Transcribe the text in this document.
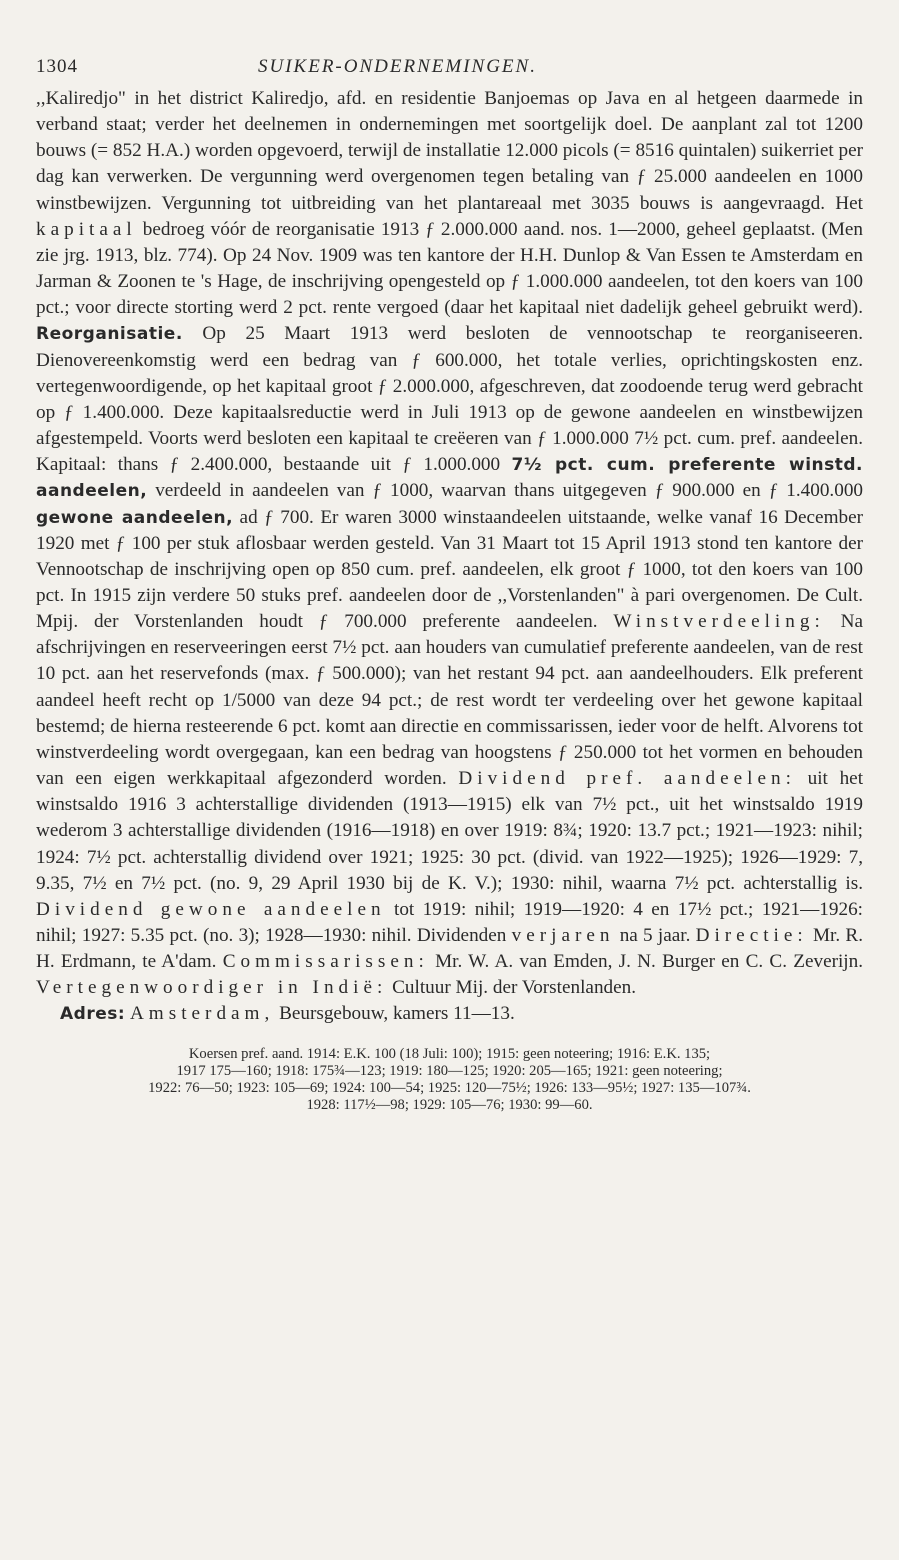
1304	SUIKER-ONDERNEMINGEN.
,,Kaliredjo" in het district Kaliredjo, afd. en residentie Banjoemas op Java en al hetgeen daarmede in verband staat; verder het deelnemen in ondernemingen met soortgelijk doel. De aanplant zal tot 1200 bouws (= 852 H.A.) worden opgevoerd, terwijl de installatie 12.000 picols (= 8516 quintalen) suikerriet per dag kan verwerken. De vergunning werd overgenomen tegen betaling van ƒ 25.000 aandeelen en 1000 winstbewijzen. Vergunning tot uitbreiding van het plantareaal met 3035 bouws is aangevraagd. Het kapitaal bedroeg vóór de reorganisatie 1913 ƒ 2.000.000 aand. nos. 1—2000, geheel geplaatst. (Men zie jrg. 1913, blz. 774). Op 24 Nov. 1909 was ten kantore der H.H. Dunlop & Van Essen te Amsterdam en Jarman & Zoonen te 's Hage, de inschrijving opengesteld op ƒ 1.000.000 aandeelen, tot den koers van 100 pct.; voor directe storting werd 2 pct. rente vergoed (daar het kapitaal niet dadelijk geheel gebruikt werd). Reorganisatie. Op 25 Maart 1913 werd besloten de vennootschap te reorganiseeren. Dienovereenkomstig werd een bedrag van ƒ 600.000, het totale verlies, oprichtingskosten enz. vertegenwoordigende, op het kapitaal groot ƒ 2.000.000, afgeschreven, dat zoodoende terug werd gebracht op ƒ 1.400.000. Deze kapitaalsreductie werd in Juli 1913 op de gewone aandeelen en winstbewijzen afgestempeld. Voorts werd besloten een kapitaal te creëeren van ƒ 1.000.000 7½ pct. cum. pref. aandeelen. Kapitaal: thans ƒ 2.400.000, bestaande uit ƒ 1.000.000 7½ pct. cum. preferente winstd. aandeelen, verdeeld in aandeelen van ƒ 1000, waarvan thans uitgegeven ƒ 900.000 en ƒ 1.400.000 gewone aandeelen, ad ƒ 700. Er waren 3000 winstaandeelen uitstaande, welke vanaf 16 December 1920 met ƒ 100 per stuk aflosbaar werden gesteld. Van 31 Maart tot 15 April 1913 stond ten kantore der Vennootschap de inschrijving open op 850 cum. pref. aandeelen, elk groot ƒ 1000, tot den koers van 100 pct. In 1915 zijn verdere 50 stuks pref. aandeelen door de ,,Vorstenlanden" à pari overgenomen. De Cult. Mpij. der Vorstenlanden houdt ƒ 700.000 preferente aandeelen. Winstverdeeling: Na afschrijvingen en reserveeringen eerst 7½ pct. aan houders van cumulatief preferente aandeelen, van de rest 10 pct. aan het reservefonds (max. ƒ 500.000); van het restant 94 pct. aan aandeelhouders. Elk preferent aandeel heeft recht op 1/5000 van deze 94 pct.; de rest wordt ter verdeeling over het gewone kapitaal bestemd; de hierna resteerende 6 pct. komt aan directie en commissarissen, ieder voor de helft. Alvorens tot winstverdeeling wordt overgegaan, kan een bedrag van hoogstens ƒ 250.000 tot het vormen en behouden van een eigen werkkapitaal afgezonderd worden. Dividend pref. aandeelen: uit het winstsaldo 1916 3 achterstallige dividenden (1913—1915) elk van 7½ pct., uit het winstsaldo 1919 wederom 3 achterstallige dividenden (1916—1918) en over 1919: 8¾; 1920: 13.7 pct.; 1921—1923: nihil; 1924: 7½ pct. achterstallig dividend over 1921; 1925: 30 pct. (divid. van 1922—1925); 1926—1929: 7, 9.35, 7½ en 7½ pct. (no. 9, 29 April 1930 bij de K. V.); 1930: nihil, waarna 7½ pct. achterstallig is. Dividend gewone aandeelen tot 1919: nihil; 1919—1920: 4 en 17½ pct.; 1921—1926: nihil; 1927: 5.35 pct. (no. 3); 1928—1930: nihil. Dividenden verjaren na 5 jaar. Directie: Mr. R. H. Erdmann, te A'dam. Commissarissen: Mr. W. A. van Emden, J. N. Burger en C. C. Zeverijn. Vertegenwoordiger in Indië: Cultuur Mij. der Vorstenlanden.
Adres: Amsterdam, Beursgebouw, kamers 11—13.
Koersen pref. aand. 1914: E.K. 100 (18 Juli: 100); 1915: geen noteering; 1916: E.K. 135;
1917 175—160; 1918: 175¾—123; 1919: 180—125; 1920: 205—165; 1921: geen noteering;
1922: 76—50; 1923: 105—69; 1924: 100—54; 1925: 120—75½; 1926: 133—95½; 1927: 135—107¾.
1928: 117½—98; 1929: 105—76; 1930: 99—60.
